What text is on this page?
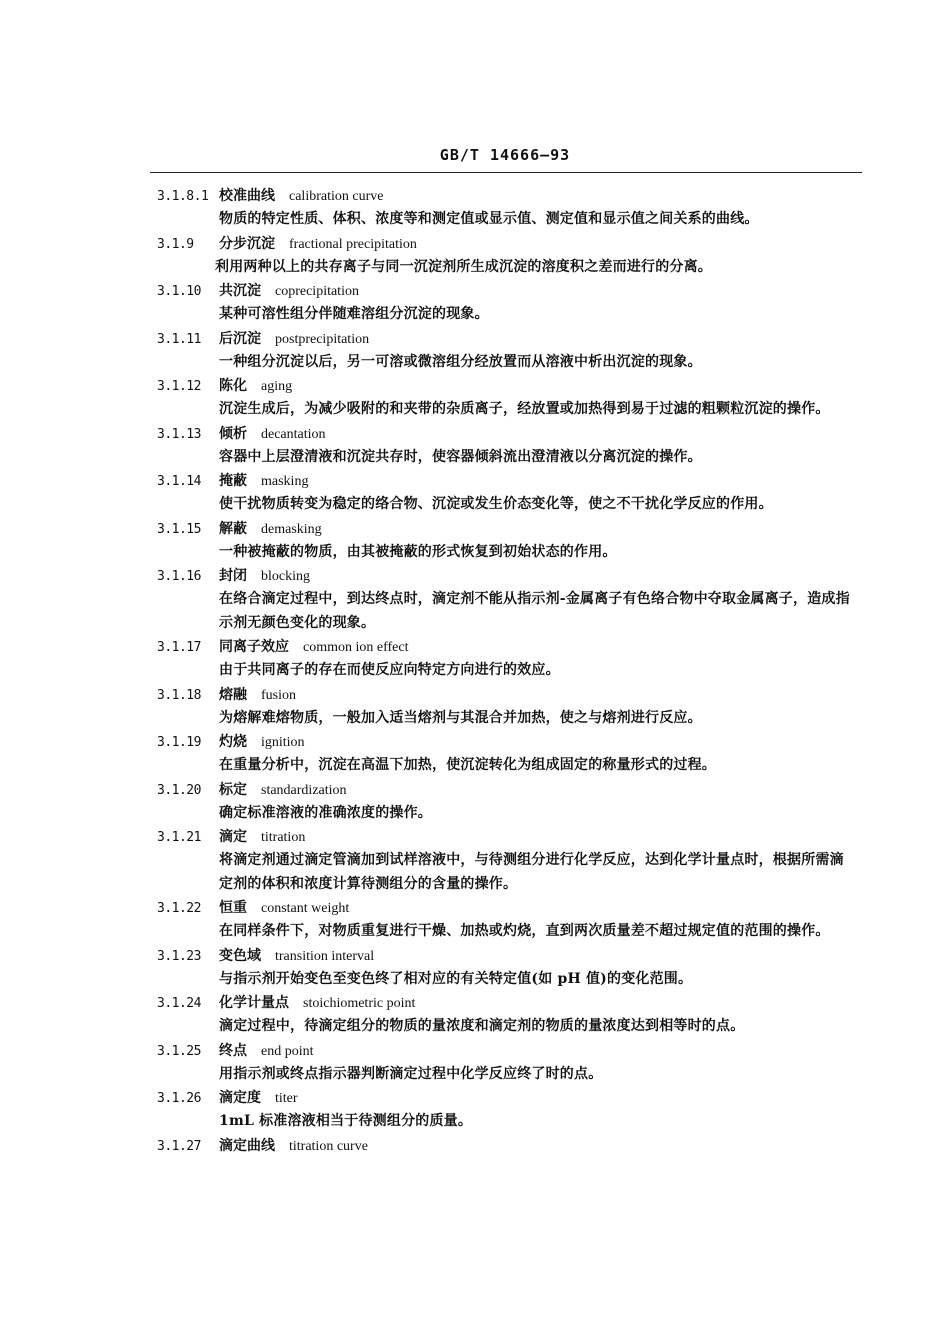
GB/T 14666—93
3.1.8.1 校准曲线 calibration curve
物质的特定性质、体积、浓度等和测定值或显示值、测定值和显示值之间关系的曲线。
3.1.9 分步沉淀 fractional precipitation
利用两种以上的共存离子与同一沉淀剂所生成沉淀的溶度积之差而进行的分离。
3.1.10 共沉淀 coprecipitation
某种可溶性组分伴随难溶组分沉淀的现象。
3.1.11 后沉淀 postprecipitation
一种组分沉淀以后，另一可溶或微溶组分经放置而从溶液中析出沉淀的现象。
3.1.12 陈化 aging
沉淀生成后，为减少吸附的和夹带的杂质离子，经放置或加热得到易于过滤的粗颗粒沉淀的操作。
3.1.13 倾析 decantation
容器中上层澄清液和沉淀共存时，使容器倾斜流出澄清液以分离沉淀的操作。
3.1.14 掩蔽 masking
使干扰物质转变为稳定的络合物、沉淀或发生价态变化等，使之不干扰化学反应的作用。
3.1.15 解蔽 demasking
一种被掩蔽的物质，由其被掩蔽的形式恢复到初始状态的作用。
3.1.16 封闭 blocking
在络合滴定过程中，到达终点时，滴定剂不能从指示剂-金属离子有色络合物中夺取金属离子，造成指示剂无颜色变化的现象。
3.1.17 同离子效应 common ion effect
由于共同离子的存在而使反应向特定方向进行的效应。
3.1.18 熔融 fusion
为熔解难熔物质，一般加入适当熔剂与其混合并加热，使之与熔剂进行反应。
3.1.19 灼烧 ignition
在重量分析中，沉淀在高温下加热，使沉淀转化为组成固定的称量形式的过程。
3.1.20 标定 standardization
确定标准溶液的准确浓度的操作。
3.1.21 滴定 titration
将滴定剂通过滴定管滴加到试样溶液中，与待测组分进行化学反应，达到化学计量点时，根据所需滴定剂的体积和浓度计算待测组分的含量的操作。
3.1.22 恒重 constant weight
在同样条件下，对物质重复进行干燥、加热或灼烧，直到两次质量差不超过规定值的范围的操作。
3.1.23 变色域 transition interval
与指示剂开始变色至变色终了相对应的有关特定值(如 pH 值)的变化范围。
3.1.24 化学计量点 stoichiometric point
滴定过程中，待滴定组分的物质的量浓度和滴定剂的物质的量浓度达到相等时的点。
3.1.25 终点 end point
用指示剂或终点指示器判断滴定过程中化学反应终了时的点。
3.1.26 滴定度 titer
1mL 标准溶液相当于待测组分的质量。
3.1.27 滴定曲线 titration curve
